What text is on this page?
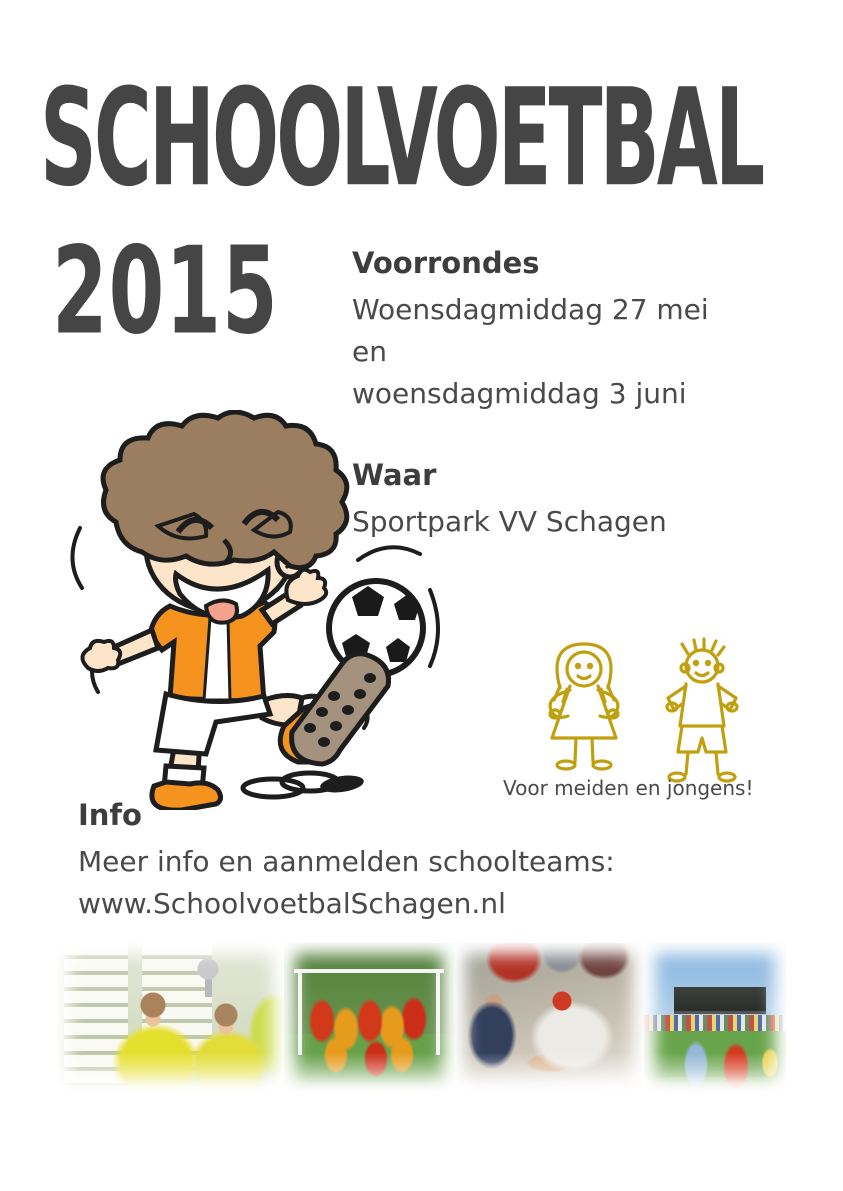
SCHOOLVOETBAL
2015	Voorrondes

Woensdagmiddag 27 mei

en

woensdagmiddag 3 juni

Waar

Sportpark VV Schagen

Voor meiden en jongens!
Info

Meer info en aanmelden schoolteams:

www.SchoolvoetbalSchagen.nl
